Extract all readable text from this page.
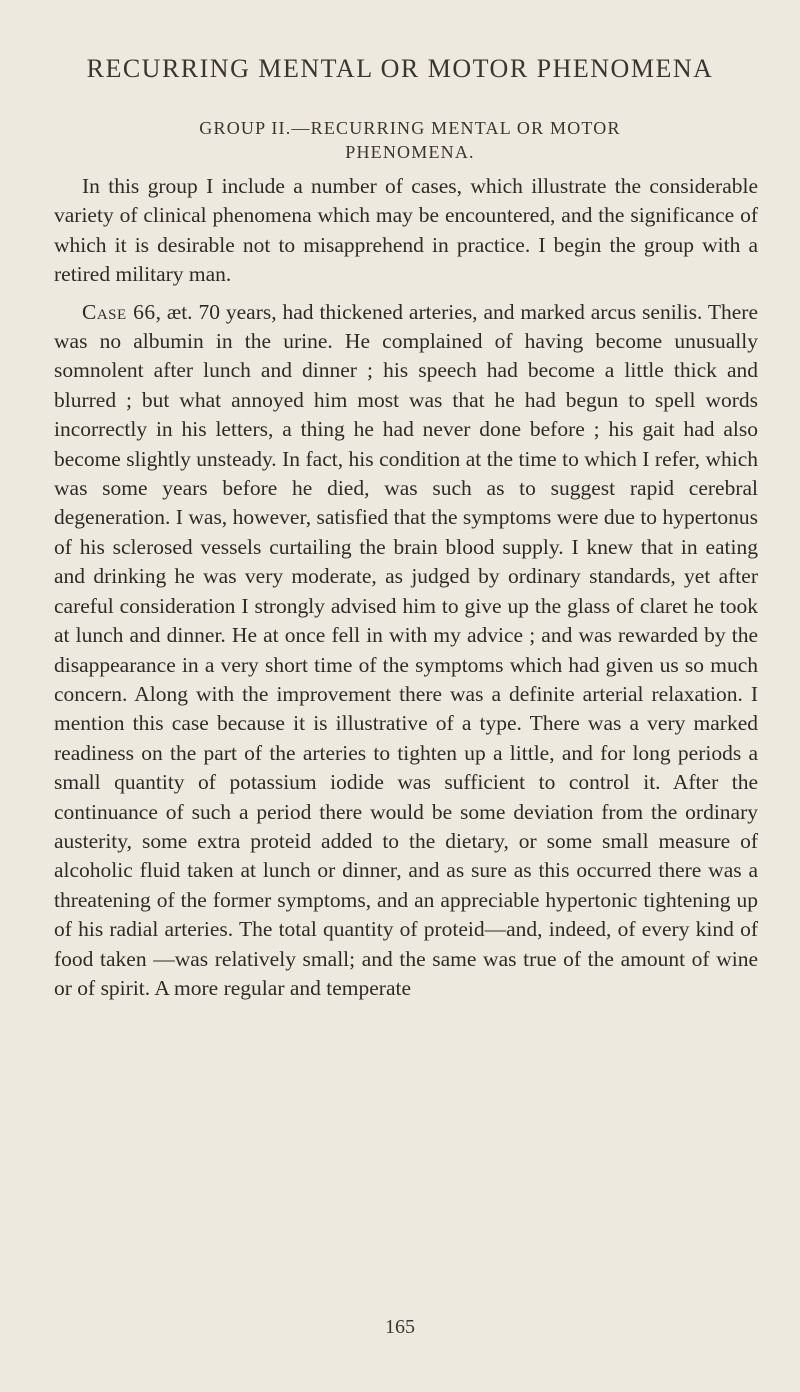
RECURRING MENTAL OR MOTOR PHENOMENA
GROUP II.—RECURRING MENTAL OR MOTOR
PHENOMENA.

In this group I include a number of cases, which illustrate the considerable variety of clinical phenomena which may be encountered, and the significance of which it is desirable not to misapprehend in practice. I begin the group with a retired military man.

Case 66, æt. 70 years, had thickened arteries, and marked arcus senilis. There was no albumin in the urine. He complained of having become unusually somnolent after lunch and dinner ; his speech had become a little thick and blurred ; but what annoyed him most was that he had begun to spell words incorrectly in his letters, a thing he had never done before ; his gait had also become slightly unsteady. In fact, his condition at the time to which I refer, which was some years before he died, was such as to suggest rapid cerebral degeneration. I was, however, satisfied that the symptoms were due to hypertonus of his sclerosed vessels curtailing the brain blood supply. I knew that in eating and drinking he was very moderate, as judged by ordinary standards, yet after careful consideration I strongly advised him to give up the glass of claret he took at lunch and dinner. He at once fell in with my advice ; and was rewarded by the disappearance in a very short time of the symptoms which had given us so much concern. Along with the improvement there was a definite arterial relaxation. I mention this case because it is illustrative of a type. There was a very marked readiness on the part of the arteries to tighten up a little, and for long periods a small quantity of potassium iodide was sufficient to control it. After the continuance of such a period there would be some deviation from the ordinary austerity, some extra proteid added to the dietary, or some small measure of alcoholic fluid taken at lunch or dinner, and as sure as this occurred there was a threatening of the former symptoms, and an appreciable hypertonic tightening up of his radial arteries. The total quantity of proteid—and, indeed, of every kind of food taken —was relatively small; and the same was true of the amount of wine or of spirit. A more regular and temperate

165
